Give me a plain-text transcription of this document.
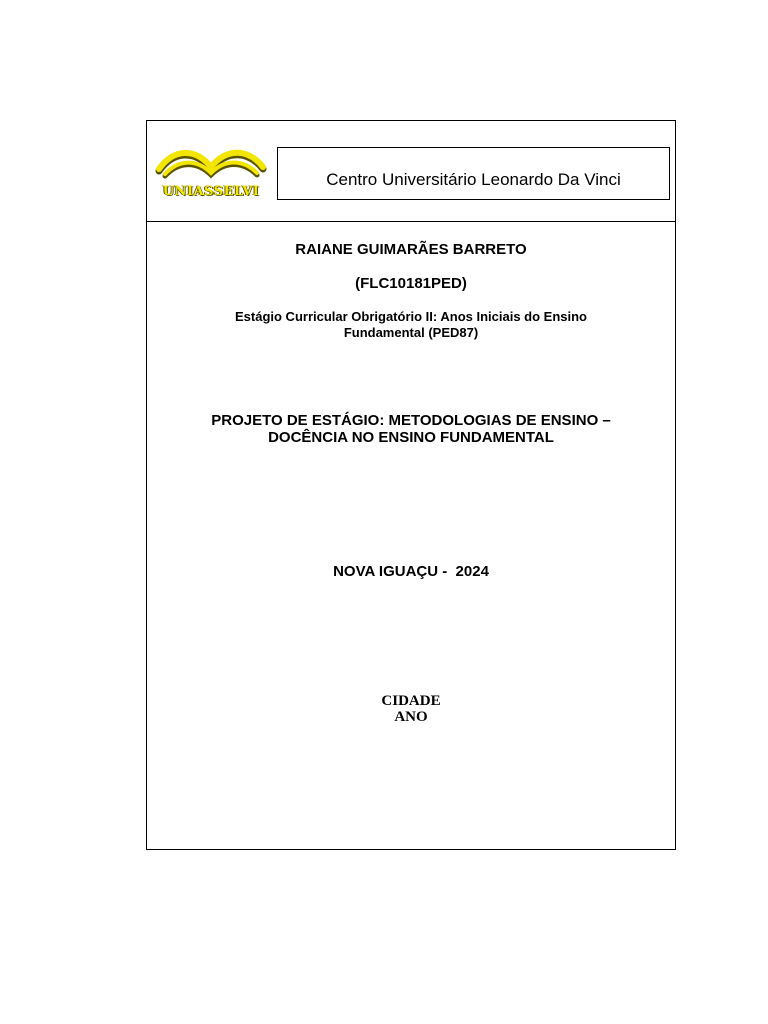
UNIASSELVI
Centro Universitário Leonardo Da Vinci
RAIANE GUIMARÃES BARRETO
(FLC10181PED)
Estágio Curricular Obrigatório II: Anos Iniciais do Ensino
Fundamental (PED87)
PROJETO DE ESTÁGIO: METODOLOGIAS DE ENSINO –
DOCÊNCIA NO ENSINO FUNDAMENTAL
NOVA IGUAÇU -  2024
CIDADE
ANO
